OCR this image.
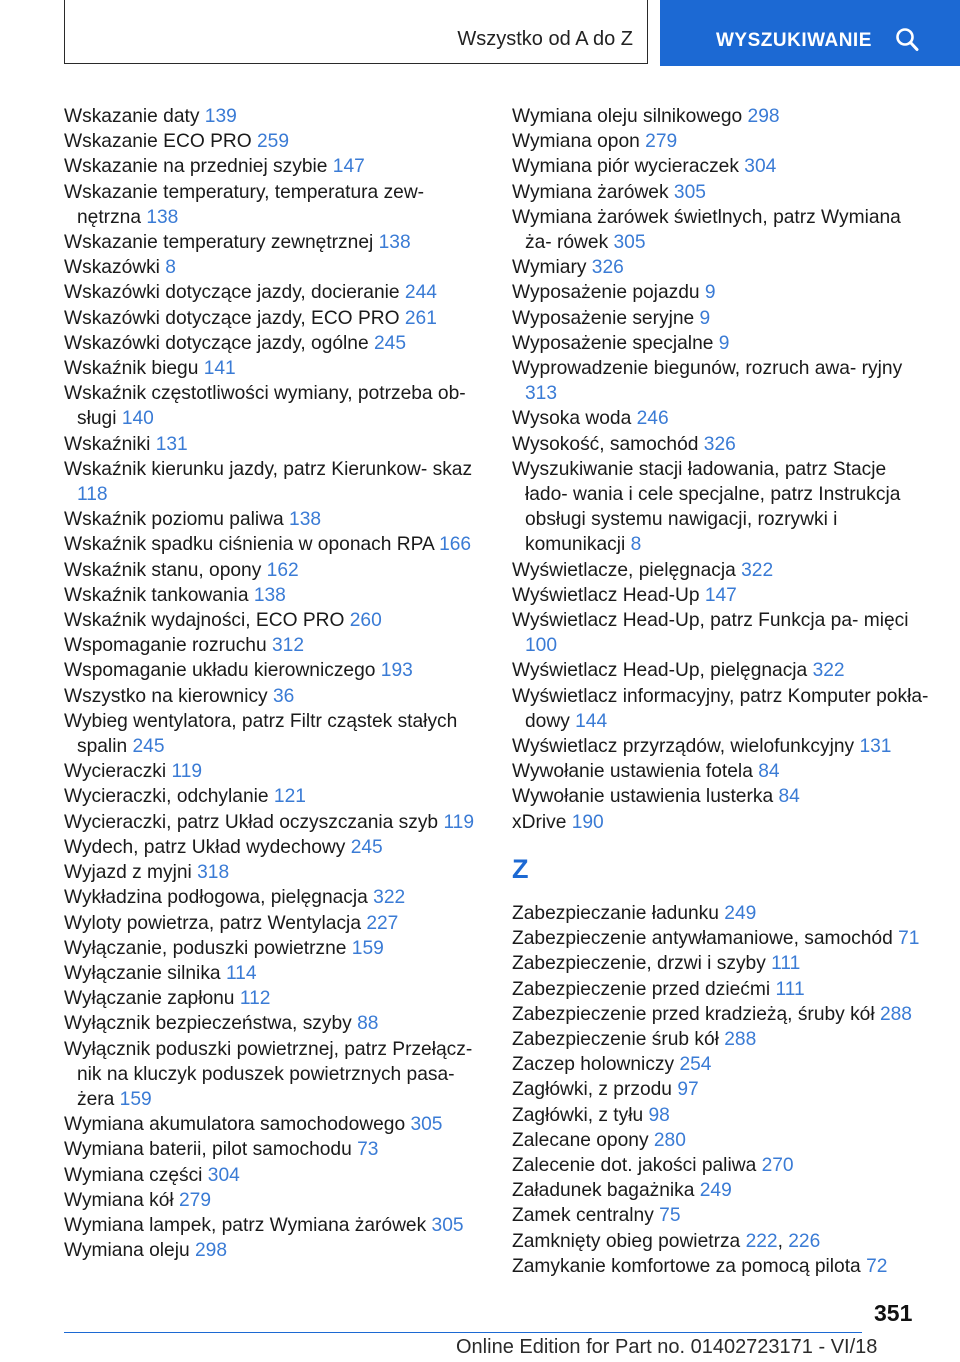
Wszystko od A do Z	WYSZUKIWANIE
Wskazanie daty 139
Wskazanie ECO PRO 259
Wskazanie na przedniej szybie 147
Wskazanie temperatury, temperatura zew‐ nętrzna 138
Wskazanie temperatury zewnętrznej 138
Wskazówki 8
Wskazówki dotyczące jazdy, docieranie 244
Wskazówki dotyczące jazdy, ECO PRO 261
Wskazówki dotyczące jazdy, ogólne 245
Wskaźnik biegu 141
Wskaźnik częstotliwości wymiany, potrzeba ob‐ sługi 140
Wskaźniki 131
Wskaźnik kierunku jazdy, patrz Kierunkow‐ skaz 118
Wskaźnik poziomu paliwa 138
Wskaźnik spadku ciśnienia w oponach RPA 166
Wskaźnik stanu, opony 162
Wskaźnik tankowania 138
Wskaźnik wydajności, ECO PRO 260
Wspomaganie rozruchu 312
Wspomaganie układu kierowniczego 193
Wszystko na kierownicy 36
Wybieg wentylatora, patrz Filtr cząstek stałych spalin 245
Wycieraczki 119
Wycieraczki, odchylanie 121
Wycieraczki, patrz Układ oczyszczania szyb 119
Wydech, patrz Układ wydechowy 245
Wyjazd z myjni 318
Wykładzina podłogowa, pielęgnacja 322
Wyloty powietrza, patrz Wentylacja 227
Wyłączanie, poduszki powietrzne 159
Wyłączanie silnika 114
Wyłączanie zapłonu 112
Wyłącznik bezpieczeństwa, szyby 88
Wyłącznik poduszki powietrznej, patrz Przełącz‐ nik na kluczyk poduszek powietrznych pasa‐ żera 159
Wymiana akumulatora samochodowego 305
Wymiana baterii, pilot samochodu 73
Wymiana części 304
Wymiana kół 279
Wymiana lampek, patrz Wymiana żarówek 305
Wymiana oleju 298
Wymiana oleju silnikowego 298
Wymiana opon 279
Wymiana piór wycieraczek 304
Wymiana żarówek 305
Wymiana żarówek świetlnych, patrz Wymiana ża‐ rówek 305
Wymiary 326
Wyposażenie pojazdu 9
Wyposażenie seryjne 9
Wyposażenie specjalne 9
Wyprowadzenie biegunów, rozruch awa‐ ryjny 313
Wysoka woda 246
Wysokość, samochód 326
Wyszukiwanie stacji ładowania, patrz Stacje łado‐ wania i cele specjalne, patrz Instrukcja obsługi systemu nawigacji, rozrywki i komunikacji 8
Wyświetlacze, pielęgnacja 322
Wyświetlacz Head-Up 147
Wyświetlacz Head-Up, patrz Funkcja pa‐ mięci 100
Wyświetlacz Head-Up, pielęgnacja 322
Wyświetlacz informacyjny, patrz Komputer pokła‐ dowy 144
Wyświetlacz przyrządów, wielofunkcyjny 131
Wywołanie ustawienia fotela 84
Wywołanie ustawienia lusterka 84
xDrive 190
Z
Zabezpieczanie ładunku 249
Zabezpieczenie antywłamaniowe, samochód 71
Zabezpieczenie, drzwi i szyby 111
Zabezpieczenie przed dziećmi 111
Zabezpieczenie przed kradzieżą, śruby kół 288
Zabezpieczenie śrub kół 288
Zaczep holowniczy 254
Zagłówki, z przodu 97
Zagłówki, z tyłu 98
Zalecane opony 280
Zalecenie dot. jakości paliwa 270
Załadunek bagażnika 249
Zamek centralny 75
Zamknięty obieg powietrza 222, 226
Zamykanie komfortowe za pomocą pilota 72
351
Online Edition for Part no. 01402723171 - VI/18
